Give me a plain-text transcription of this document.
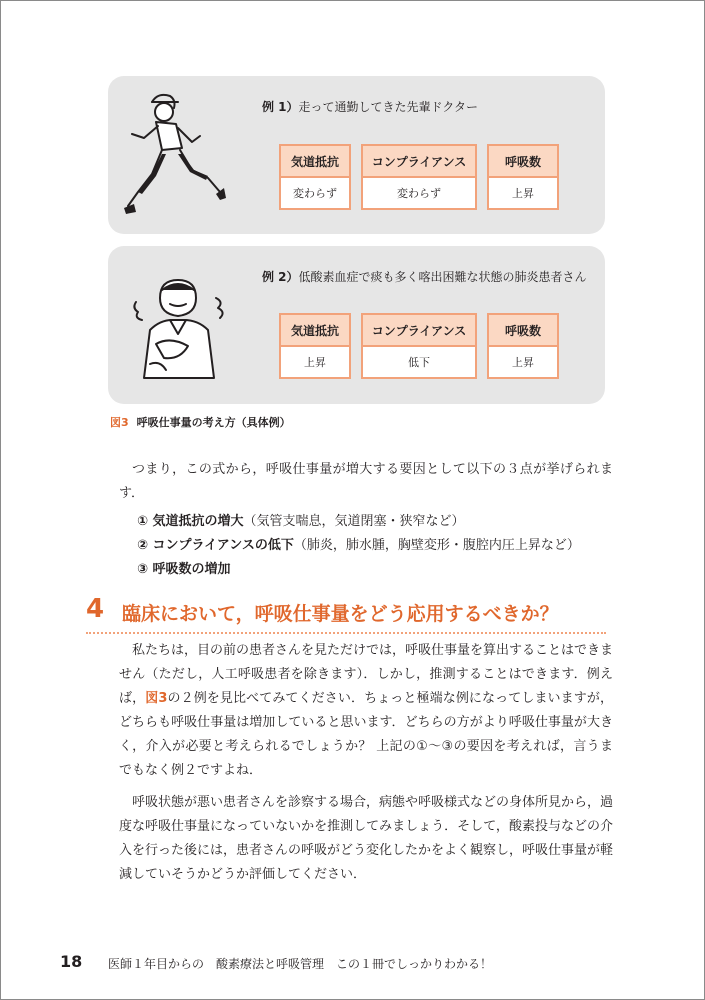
例 1）走って通勤してきた先輩ドクター
気道抵抗
変わらず
コンプライアンス
変わらず
呼吸数
上昇
例 2）低酸素血症で痰も多く喀出困難な状態の肺炎患者さん
気道抵抗
上昇
コンプライアンス
低下
呼吸数
上昇
図3 呼吸仕事量の考え方（具体例）

つまり，この式から，呼吸仕事量が増大する要因として以下の３点が挙げられます．

① 気道抵抗の増大（気管支喘息，気道閉塞・狭窄など）
② コンプライアンスの低下（肺炎，肺水腫，胸壁変形・腹腔内圧上昇など）
③ 呼吸数の増加
4 臨床において，呼吸仕事量をどう応用するべきか？

私たちは，目の前の患者さんを見ただけでは，呼吸仕事量を算出することはできません（ただし，人工呼吸患者を除きます）．しかし，推測することはできます．例えば，図3の２例を見比べてみてください．ちょっと極端な例になってしまいますが，どちらも呼吸仕事量は増加していると思います．どちらの方がより呼吸仕事量が大きく，介入が必要と考えられるでしょうか？ 上記の①〜③の要因を考えれば，言うまでもなく例２ですよね．

呼吸状態が悪い患者さんを診察する場合，病態や呼吸様式などの身体所見から，過度な呼吸仕事量になっていないかを推測してみましょう．そして，酸素投与などの介入を行った後には，患者さんの呼吸がどう変化したかをよく観察し，呼吸仕事量が軽減していそうかどうか評価してください．

18 医師１年目からの　酸素療法と呼吸管理　この１冊でしっかりわかる！
